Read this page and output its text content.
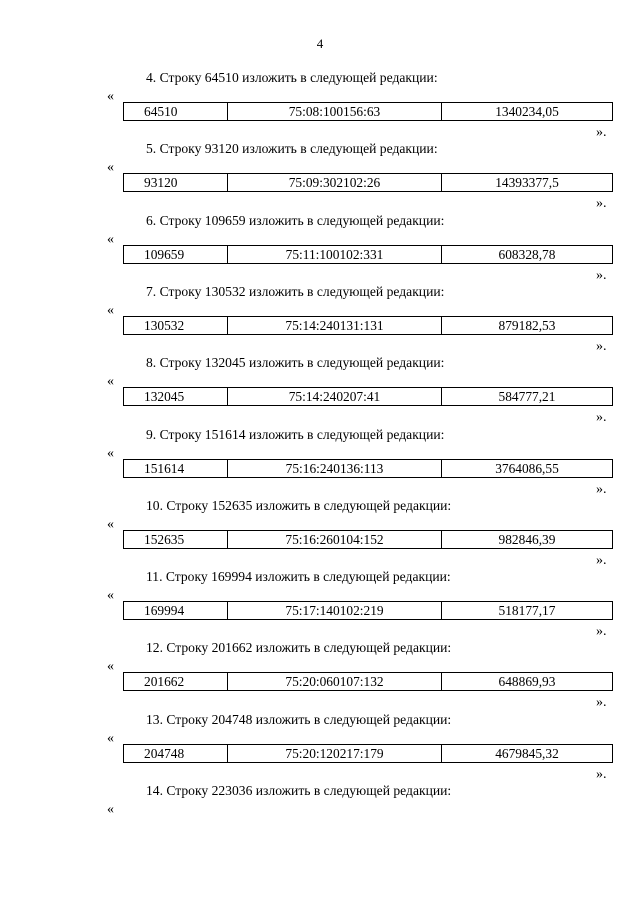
4
4. Строку 64510 изложить в следующей редакции:
«
64510	75:08:100156:63	1340234,05
».
5. Строку 93120 изложить в следующей редакции:
«
93120	75:09:302102:26	14393377,5
».
6. Строку 109659 изложить в следующей редакции:
«
109659	75:11:100102:331	608328,78
».
7. Строку 130532 изложить в следующей редакции:
«
130532	75:14:240131:131	879182,53
».
8. Строку 132045 изложить в следующей редакции:
«
132045	75:14:240207:41	584777,21
».
9. Строку 151614 изложить в следующей редакции:
«
151614	75:16:240136:113	3764086,55
».
10. Строку 152635 изложить в следующей редакции:
«
152635	75:16:260104:152	982846,39
».
11. Строку 169994 изложить в следующей редакции:
«
169994	75:17:140102:219	518177,17
».
12. Строку 201662 изложить в следующей редакции:
«
201662	75:20:060107:132	648869,93
».
13. Строку 204748 изложить в следующей редакции:
«
204748	75:20:120217:179	4679845,32
».
14. Строку 223036 изложить в следующей редакции:
«
